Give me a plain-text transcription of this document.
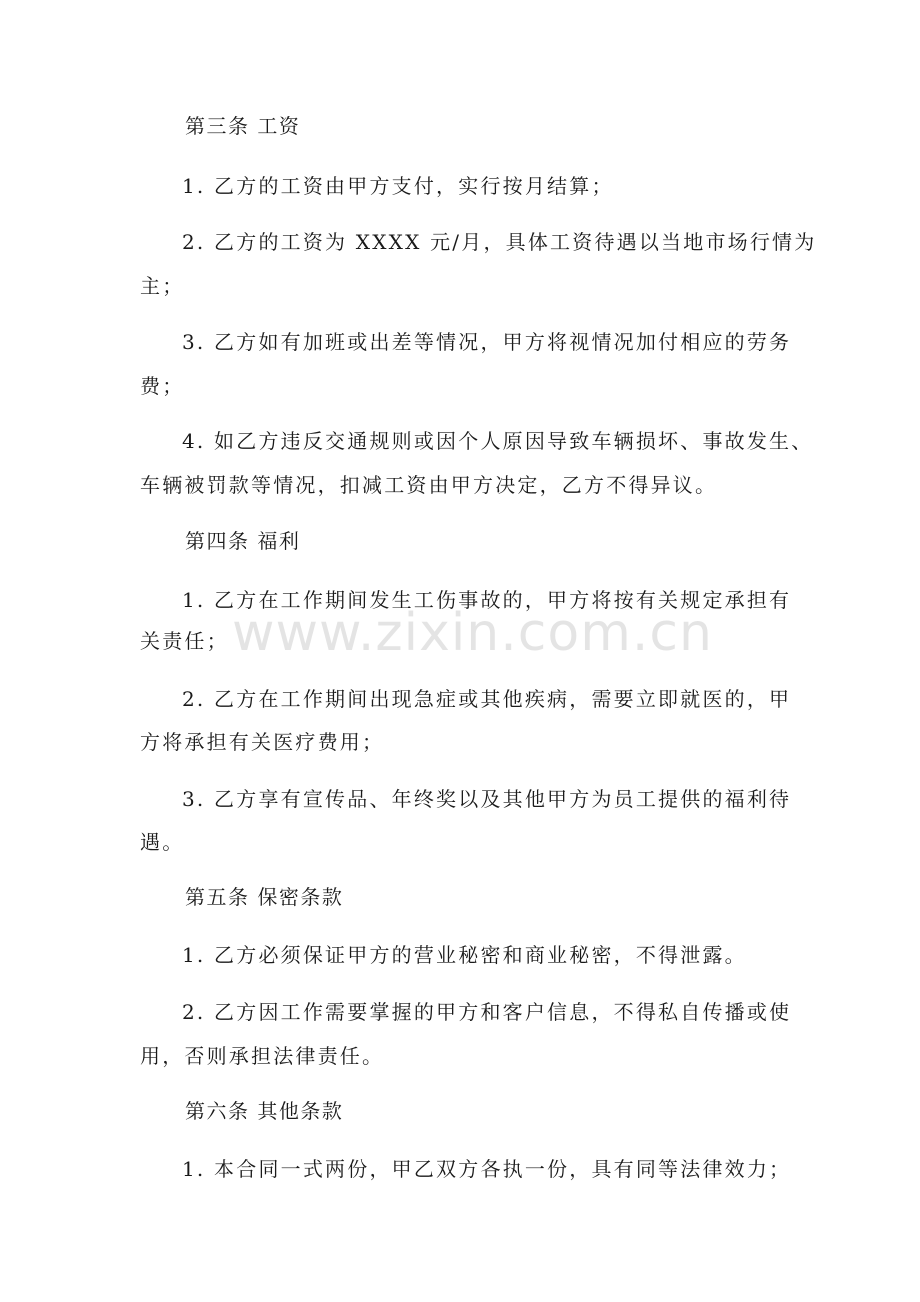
第三条 工资
1. 乙方的工资由甲方支付，实行按月结算；
2. 乙方的工资为 XXXX 元/月，具体工资待遇以当地市场行情为
主；
3. 乙方如有加班或出差等情况，甲方将视情况加付相应的劳务
费；
4. 如乙方违反交通规则或因个人原因导致车辆损坏、事故发生、
车辆被罚款等情况，扣减工资由甲方决定，乙方不得异议。
第四条 福利
1. 乙方在工作期间发生工伤事故的，甲方将按有关规定承担有
关责任；
2. 乙方在工作期间出现急症或其他疾病，需要立即就医的，甲
方将承担有关医疗费用；
3. 乙方享有宣传品、年终奖以及其他甲方为员工提供的福利待
遇。
第五条 保密条款
1. 乙方必须保证甲方的营业秘密和商业秘密，不得泄露。
2. 乙方因工作需要掌握的甲方和客户信息，不得私自传播或使
用，否则承担法律责任。
第六条 其他条款
1. 本合同一式两份，甲乙双方各执一份，具有同等法律效力；
www.zixin.com.cn
